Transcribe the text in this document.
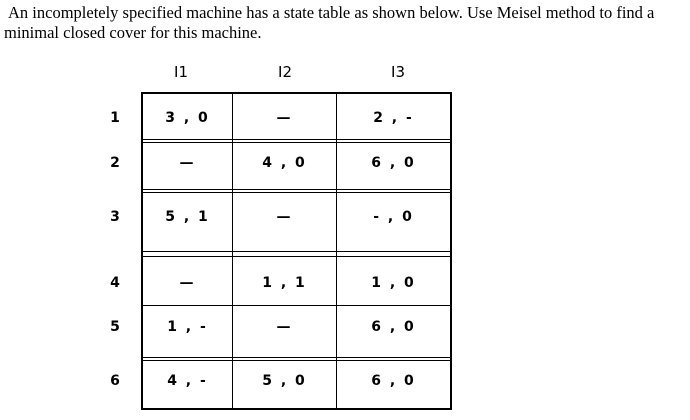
An incompletely specified machine has a state table as shown below. Use Meisel method to find a
minimal closed cover for this machine.

I1	I2	I3
1	3 , 0	—	2 , -
2	—	4 , 0	6 , 0
3	5 , 1	—	- , 0
4	—	1 , 1	1 , 0
5	1 , -	—	6 , 0
6	4 , -	5 , 0	6 , 0
